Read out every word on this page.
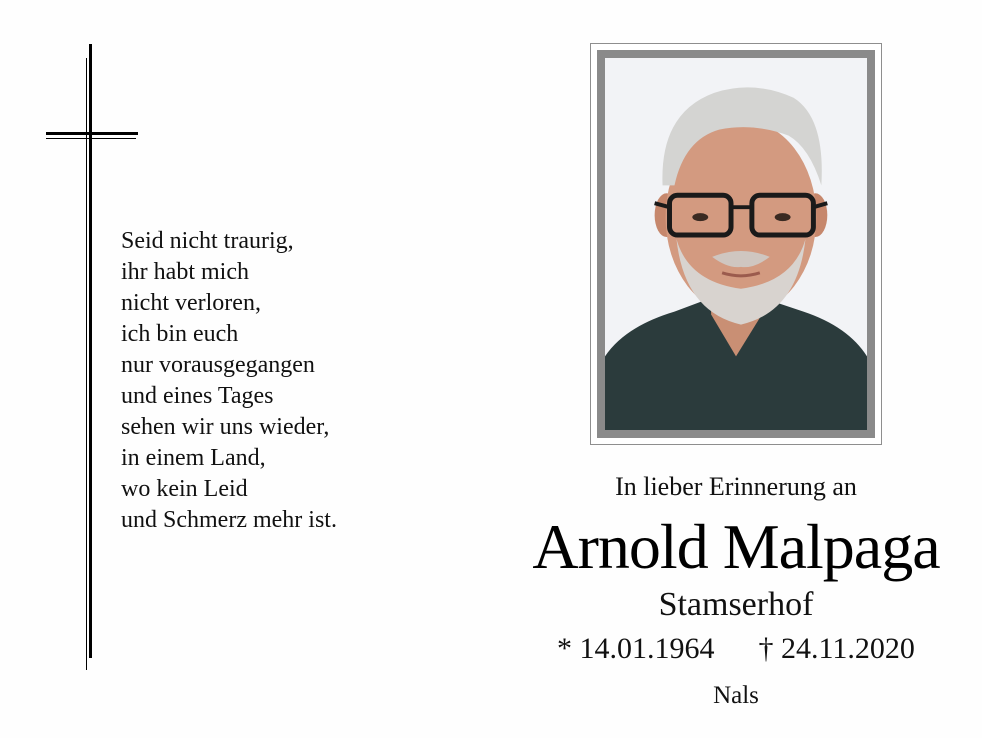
Seid nicht traurig,
ihr habt mich
nicht verloren,
ich bin euch
nur vorausgegangen
und eines Tages
sehen wir uns wieder,
in einem Land,
wo kein Leid
und Schmerz mehr ist.
In lieber Erinnerung an
Arnold Malpaga
Stamserhof
* 14.01.1964 † 24.11.2020
Nals
